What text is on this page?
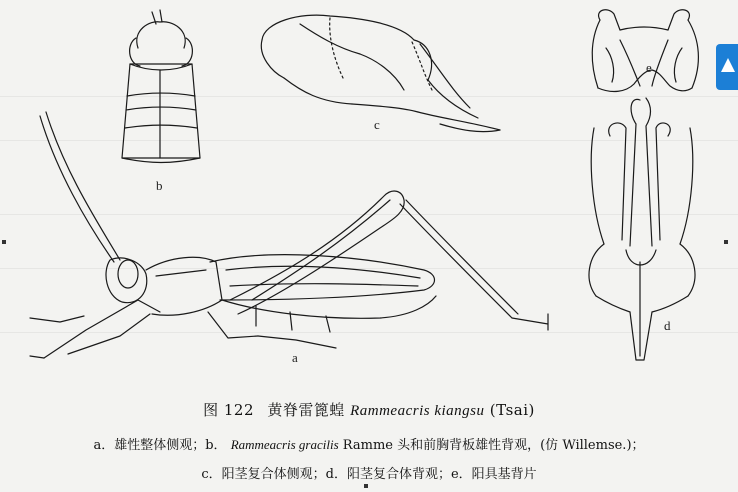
b
c
e
d
a
图 122 黄脊雷篦蝗 Rammeacris kiangsu (Tsai)
a．雄性整体侧观；b． Rammeacris gracilis Ramme 头和前胸背板雄性背观，(仿 Willemse.)；
c．阳茎复合体侧观；d．阳茎复合体背观；e．阳具基背片
